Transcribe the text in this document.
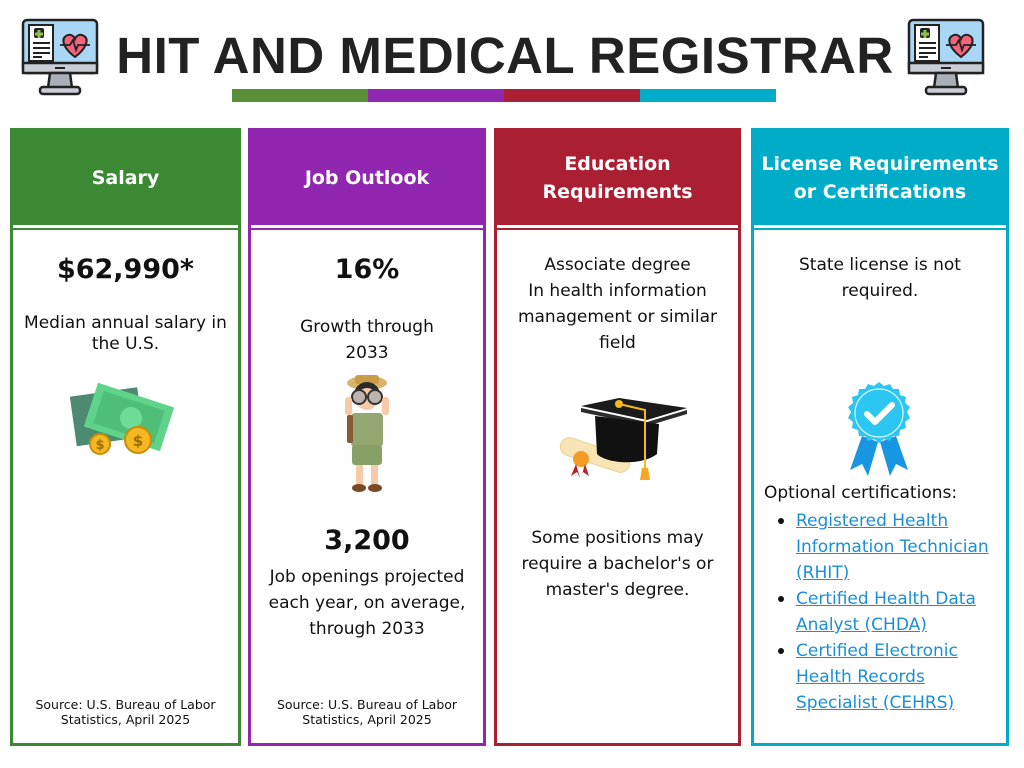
HIT AND MEDICAL REGISTRAR
Salary
$62,990*
Median annual salary in the U.S.
$ $
Source: U.S. Bureau of Labor Statistics, April 2025
Job Outlook
16%
Growth through 2033
3,200
Job openings projected each year, on average, through 2033
Source: U.S. Bureau of Labor Statistics, April 2025
Education Requirements
Associate degree
In health information management or similar field
Some positions may require a bachelor's or master's degree.
License Requirements or Certifications
State license is not required.
Optional certifications:
Registered Health Information Technician (RHIT)
Certified Health Data Analyst (CHDA)
Certified Electronic Health Records Specialist (CEHRS)
